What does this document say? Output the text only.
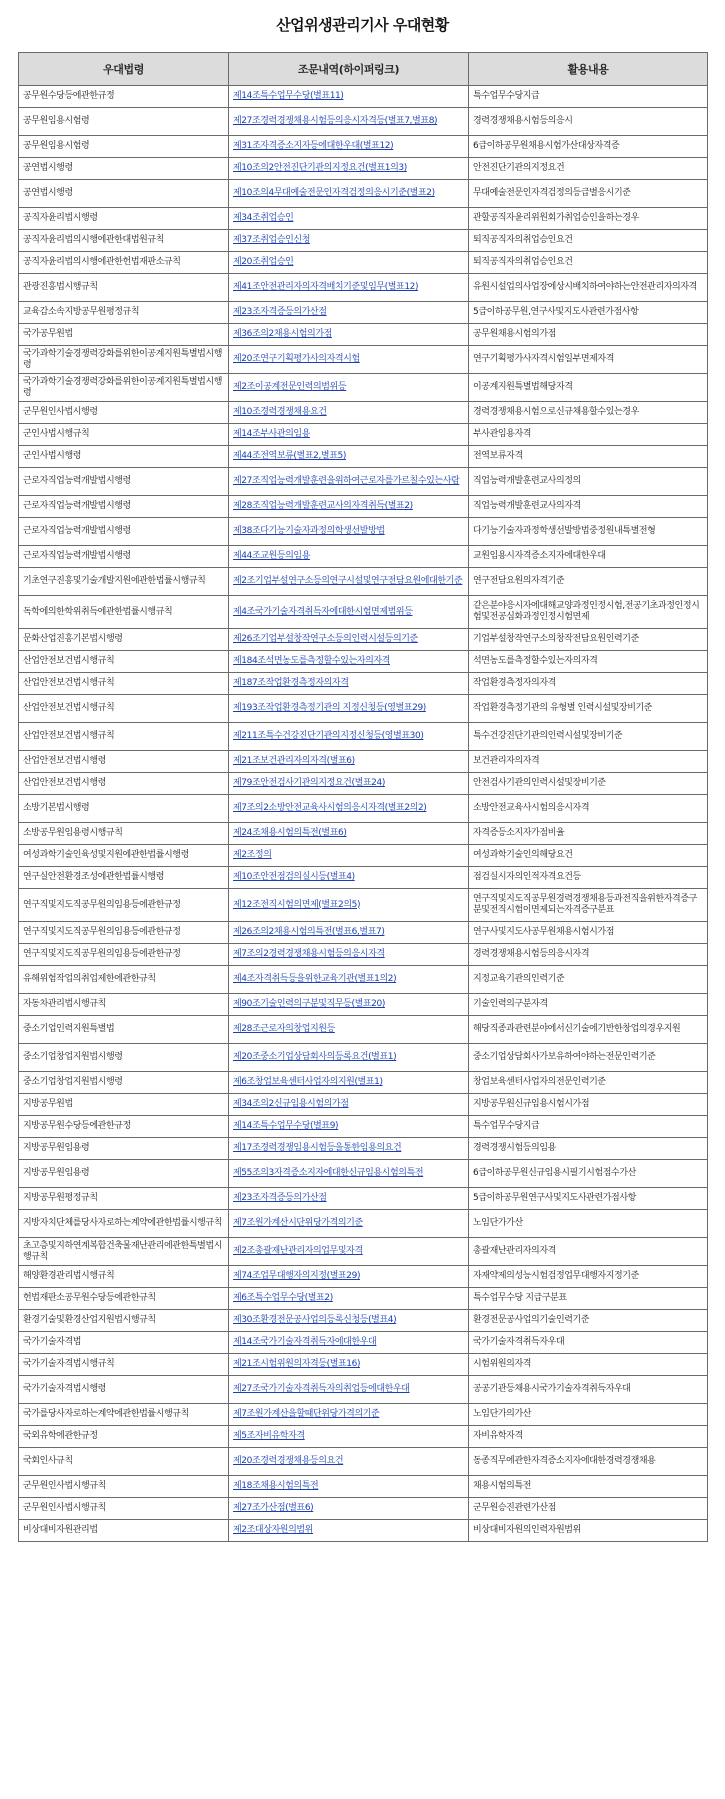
산업위생관리기사 우대현황
우대법령	조문내역(하이퍼링크)	활용내용
공무원수당등에관한규정	제14조특수업무수당(별표11)	특수업무수당지급
공무원임용시험령	제27조경력경쟁채용시험등의응시자격등(별표7,별표8)	경력경쟁채용시험등의응시
공무원임용시험령	제31조자격증소지자등에대한우대(별표12)	6급이하공무원채용시험가산대상자격증
공연법시행령	제10조의2안전진단기관의지정요건(별표1의3)	안전진단기관의지정요건
공연법시행령	제10조의4무대예술전문인자격검정의응시기준(별표2)	무대예술전문인자격검정의등급별응시기준
공직자윤리법시행령	제34조취업승인	관할공직자윤리위원회가취업승인을하는경우
공직자윤리법의시행에관한대법원규칙	제37조취업승인신청	퇴직공직자의취업승인요건
공직자윤리법의시행에관한헌법재판소규칙	제20조취업승인	퇴직공직자의취업승인요건
관광진흥법시행규칙	제41조안전관리자의자격배치기준및임무(별표12)	유원시설업의사업장에상시배치하여야하는안전관리자의자격
교육감소속지방공무원평정규칙	제23조자격증등의가산점	5급이하공무원,연구사및지도사관련가점사항
국가공무원법	제36조의2채용시험의가점	공무원채용시험의가점
국가과학기술경쟁력강화를위한이공계지원특별법시행령	제20조연구기획평가사의자격시험	연구기획평가사자격시험일부면제자격
국가과학기술경쟁력강화를위한이공계지원특별법시행령	제2조이공계전문인력의범위등	이공계지원특별법해당자격
군무원인사법시행령	제10조경력경쟁채용요건	경력경쟁채용시험으로신규채용할수있는경우
군인사법시행규칙	제14조부사관의임용	부사관임용자격
군인사법시행령	제44조전역보류(별표2,별표5)	전역보류자격
근로자직업능력개발법시행령	제27조직업능력개발훈련을위하여근로자를가르칠수있는사람	직업능력개발훈련교사의정의
근로자직업능력개발법시행령	제28조직업능력개발훈련교사의자격취득(별표2)	직업능력개발훈련교사의자격
근로자직업능력개발법시행령	제38조다기능기술자과정의학생선발방법	다기능기술자과정학생선발방법중정원내특별전형
근로자직업능력개발법시행령	제44조교원등의임용	교원임용시자격증소지자에대한우대
기초연구진흥및기술개발지원에관한법률시행규칙	제2조기업부설연구소등의연구시설및연구전담요원에대한기준	연구전담요원의자격기준
독학에의한학위취득에관한법률시행규칙	제4조국가기술자격취득자에대한시험면제범위등	같은분야응시자에대해교양과정인정시험,전공기초과정인정시험및전공심화과정인정시험면제
문화산업진흥기본법시행령	제26조기업부설창작연구소등의인력시설등의기준	기업부설창작연구소의창작전담요원인력기준
산업안전보건법시행규칙	제184조석면농도를측정할수있는자의자격	석면농도를측정할수있는자의자격
산업안전보건법시행규칙	제187조작업환경측정자의자격	작업환경측정자의자격
산업안전보건법시행규칙	제193조작업환경측정기관의 지정신청등(영별표29)	작업환경측정기관의 유형별 인력시설및장비기준
산업안전보건법시행규칙	제211조특수건강진단기관의지정신청등(영별표30)	특수건강진단기관의인력시설및장비기준
산업안전보건법시행령	제21조보건관리자의자격(별표6)	보건관리자의자격
산업안전보건법시행령	제79조안전검사기관의지정요건(별표24)	안전검사기관의인력시설및장비기준
소방기본법시행령	제7조의2소방안전교육사시험의응시자격(별표2의2)	소방안전교육사시험의응시자격
소방공무원임용령시행규칙	제24조채용시험의특전(별표6)	자격증등소지자가점비율
여성과학기술인육성및지원에관한법률시행령	제2조정의	여성과학기술인의해당요건
연구실안전환경조성에관한법률시행령	제10조안전점검의실시등(별표4)	점검실시자의인적자격요건등
연구직및지도직공무원의임용등에관한규정	제12조전직시험의면제(별표2의5)	연구직및지도직공무원경력경쟁채용등과전직을위한자격증구분및전직시험이면제되는자격증구분표
연구직및지도직공무원의임용등에관한규정	제26조의2채용시험의특전(별표6,별표7)	연구사및지도사공무원채용시험시가점
연구직및지도직공무원의임용등에관한규정	제7조의2경력경쟁채용시험등의응시자격	경력경쟁채용시험등의응시자격
유해위험작업의취업제한에관한규칙	제4조자격취득등을위한교육기관(별표1의2)	지정교육기관의인력기준
자동차관리법시행규칙	제90조기술인력의구분및직무등(별표20)	기술인력의구분자격
중소기업인력지원특별법	제28조근로자의창업지원등	해당직종과관련분야에서신기술에기반한창업의경우지원
중소기업창업지원법시행령	제20조중소기업상담회사의등록요건(별표1)	중소기업상담회사가보유하여야하는전문인력기준
중소기업창업지원법시행령	제6조창업보육센터사업자의지원(별표1)	창업보육센터사업자의전문인력기준
지방공무원법	제34조의2신규임용시험의가점	지방공무원신규임용시험시가점
지방공무원수당등에관한규정	제14조특수업무수당(별표9)	특수업무수당지급
지방공무원임용령	제17조경력경쟁임용시험등을통한임용의요건	경력경쟁시험등의임용
지방공무원임용령	제55조의3자격증소지자에대한신규임용시험의특전	6급이하공무원신규임용시필기시험점수가산
지방공무원평정규칙	제23조자격증등의가산점	5급이하공무원연구사및지도사관련가점사항
지방자치단체를당사자로하는계약에관한법률시행규칙	제7조원가계산시단위당가격의기준	노임단가가산
초고층및지하연계복합건축물재난관리에관한특별법시행규칙	제2조총괄재난관리자의업무및자격	총괄재난관리자의자격
해양환경관리법시행규칙	제74조업무대행자의지정(별표29)	자재약제의성능시험검정업무대행자지정기준
헌법재판소공무원수당등에관한규칙	제6조특수업무수당(별표2)	특수업무수당 지급구분표
환경기술및환경산업지원법시행규칙	제30조환경전문공사업의등록신청등(별표4)	환경전문공사업의기술인력기준
국가기술자격법	제14조국가기술자격취득자에대한우대	국가기술자격취득자우대
국가기술자격법시행규칙	제21조시험위원의자격등(별표16)	시험위원의자격
국가기술자격법시행령	제27조국가기술자격취득자의취업등에대한우대	공공기관등채용시국가기술자격취득자우대
국가를당사자로하는계약에관한법률시행규칙	제7조원가계산을할때단위당가격의기준	노임단가의가산
국외유학에관한규정	제5조자비유학자격	자비유학자격
국회인사규칙	제20조경력경쟁채용등의요건	동종직무에관한자격증소지자에대한경력경쟁채용
군무원인사법시행규칙	제18조채용시험의특전	채용시험의특전
군무원인사법시행규칙	제27조가산점(별표6)	군무원승진관련가산점
비상대비자원관리법	제2조대상자원의범위	비상대비자원의인력자원범위
